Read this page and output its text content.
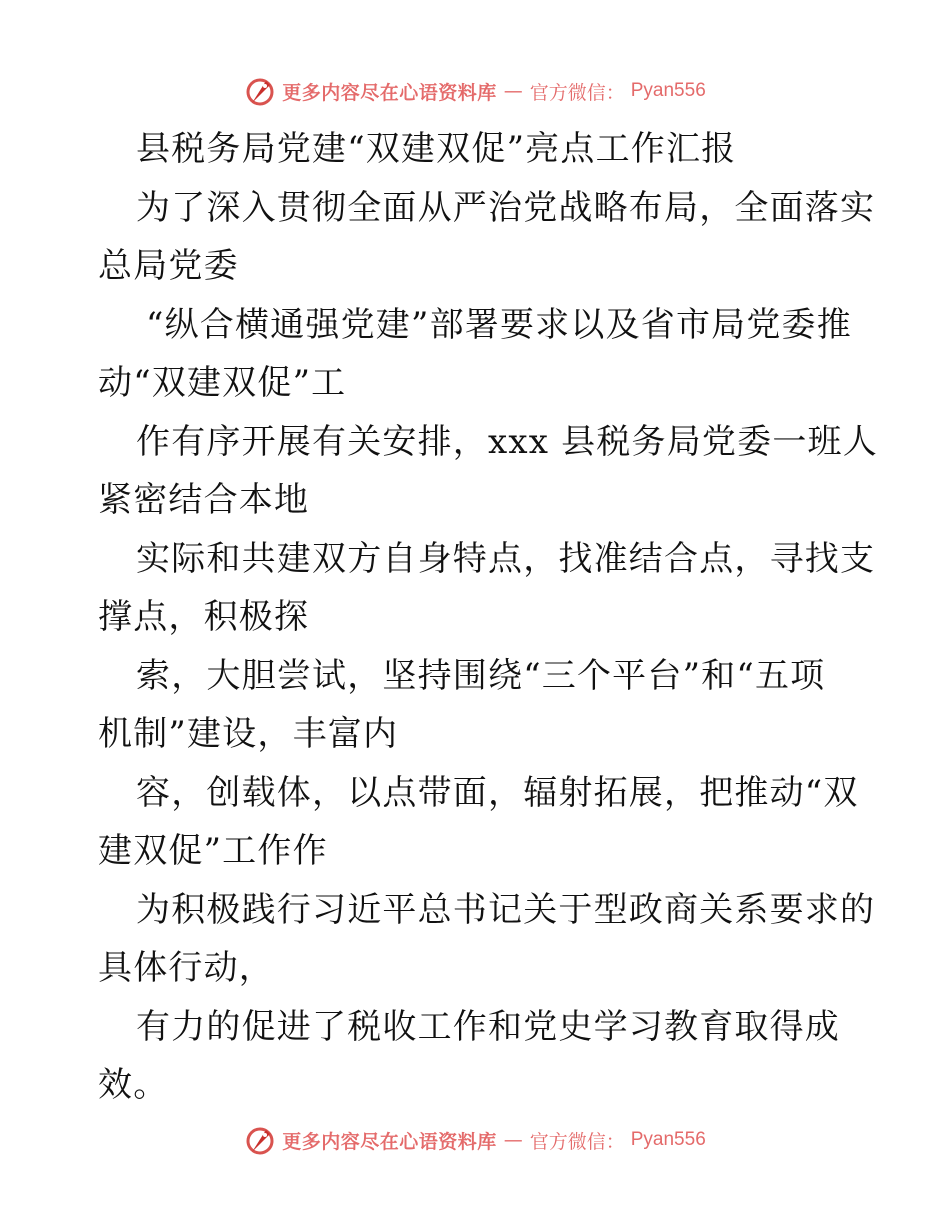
更多内容尽在心语资料库 — 官方微信： Pyan556
县税务局党建“双建双促”亮点工作汇报
为了深入贯彻全面从严治党战略布局，全面落实
总局党委
“纵合横通强党建”部署要求以及省市局党委推
动“双建双促”工
作有序开展有关安排，xxx 县税务局党委一班人
紧密结合本地
实际和共建双方自身特点，找准结合点，寻找支
撑点，积极探
索，大胆尝试，坚持围绕“三个平台”和“五项
机制”建设，丰富内
容，创载体，以点带面，辐射拓展，把推动“双
建双促”工作作
为积极践行习近平总书记关于型政商关系要求的
具体行动，
有力的促进了税收工作和党史学习教育取得成
效。
更多内容尽在心语资料库 — 官方微信： Pyan556
